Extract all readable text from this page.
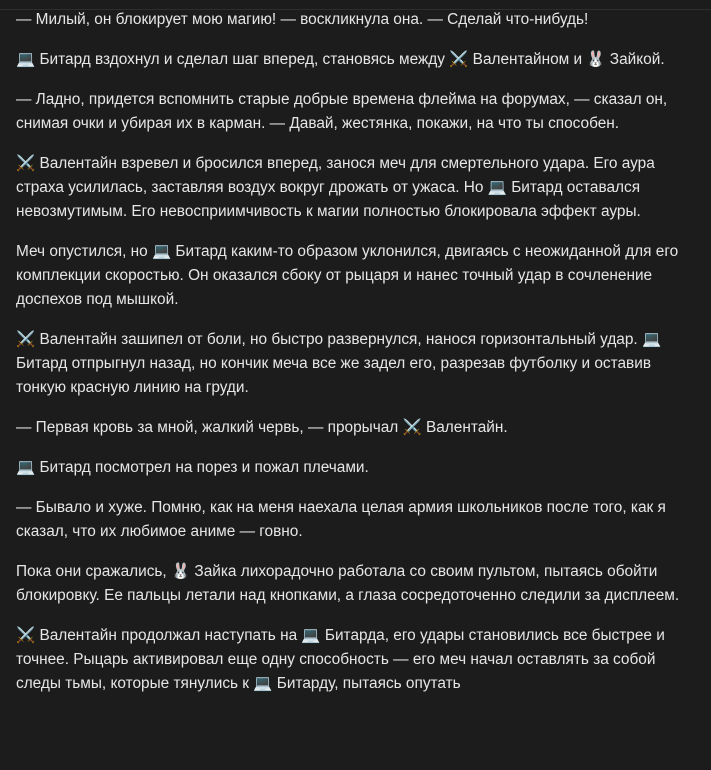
— Милый, он блокирует мою магию! — воскликнула она. — Сделай что-нибудь!

💻 Битард вздохнул и сделал шаг вперед, становясь между ⚔️ Валентайном и 🐰 Зайкой.

— Ладно, придется вспомнить старые добрые времена флейма на форумах, — сказал он, снимая очки и убирая их в карман. — Давай, жестянка, покажи, на что ты способен.

⚔️ Валентайн взревел и бросился вперед, занося меч для смертельного удара. Его аура страха усилилась, заставляя воздух вокруг дрожать от ужаса. Но 💻 Битард оставался невозмутимым. Его невосприимчивость к магии полностью блокировала эффект ауры.

Меч опустился, но 💻 Битард каким-то образом уклонился, двигаясь с неожиданной для его комплекции скоростью. Он оказался сбоку от рыцаря и нанес точный удар в сочленение доспехов под мышкой.

⚔️ Валентайн зашипел от боли, но быстро развернулся, нанося горизонтальный удар. 💻 Битард отпрыгнул назад, но кончик меча все же задел его, разрезав футболку и оставив тонкую красную линию на груди.

— Первая кровь за мной, жалкий червь, — прорычал ⚔️ Валентайн.

💻 Битард посмотрел на порез и пожал плечами.

— Бывало и хуже. Помню, как на меня наехала целая армия школьников после того, как я сказал, что их любимое аниме — говно.

Пока они сражались, 🐰 Зайка лихорадочно работала со своим пультом, пытаясь обойти блокировку. Ее пальцы летали над кнопками, а глаза сосредоточенно следили за дисплеем.

⚔️ Валентайн продолжал наступать на 💻 Битарда, его удары становились все быстрее и точнее. Рыцарь активировал еще одну способность — его меч начал оставлять за собой следы тьмы, которые тянулись к 💻 Битарду, пытаясь опутать
